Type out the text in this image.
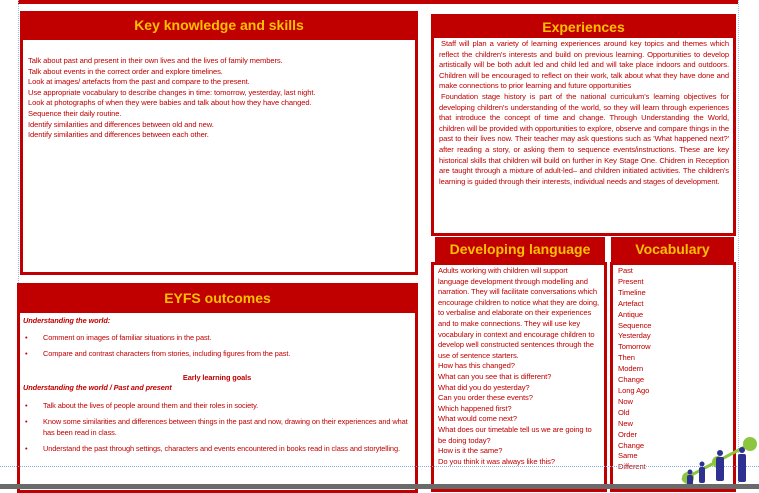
Key knowledge and skills
Talk about past and present in their own lives and the lives of family members.
Talk about events in the correct order and explore timelines.
Look at images/ artefacts from the past and compare to the present.
Use appropriate vocabulary to describe changes in time: tomorrow, yesterday, last night.
Look at photographs of when they were babies and talk about how they have changed.
Sequence their daily routine.
Identify similarities and differences between old and new.
Identify similarities and differences between each other.
Experiences

Staff will plan a variety of learning experiences around key topics and themes which reflect the children's interests and build on previous learning. Opportunities to develop artistically will be both adult led and child led and will take place indoors and outdoors. Children will be encouraged to reflect on their work, talk about what they have done and make connections to prior learning and future opportunities

Foundation stage history is part of the national curriculum's learning objectives for developing children's understanding of the world, so they will learn through experiences that introduce the concept of time and change. Through Understanding the World, children will be provided with opportunities to explore, observe and compare things in the past to their lives now. Their teacher may ask questions such as 'What happened next?' after reading a story, or asking them to sequence events/instructions. These are key historical skills that children will build on further in Key Stage One. Chidren in Reception are taught through a mixture of adult-led– and children initiated activities. The children's learning is guided through their interests, individual needs and stages of development.

EYFS outcomes
Understanding the world:
• Comment on images of familiar situations in the past.
• Compare and contrast characters from stories, including figures from the past.
Early learning goals
Understanding the world / Past and present
• Talk about the lives of people around them and their roles in society.
• Know some similarities and differences between things in the past and now, drawing on their experiences and what has been read in class.
• Understand the past through settings, characters and events encountered in books read in class and storytelling.
Developing language

Adults working with children will support language development through modelling and narration. They will facilitate conversations which encourage children to notice what they are doing, to verbalise and elaborate on their experiences and to make connections. They will use key vocabulary in context and encourage children to develop well constructed sentences through the use of sentence starters.

How has this changed?

What can you see that is different?

What did you do yesterday?

Can you order these events?

Which happened first?

What would come next?

What does our timetable tell us we are going to be doing today?

How is it the same?

Do you think it was always like this?

Vocabulary
Past
Present
Timeline
Artefact
Antique
Sequence
Yesterday
Tomorrow
Then
Modern
Change
Long Ago
Now
Old
New
Order
Change
Same
Different
